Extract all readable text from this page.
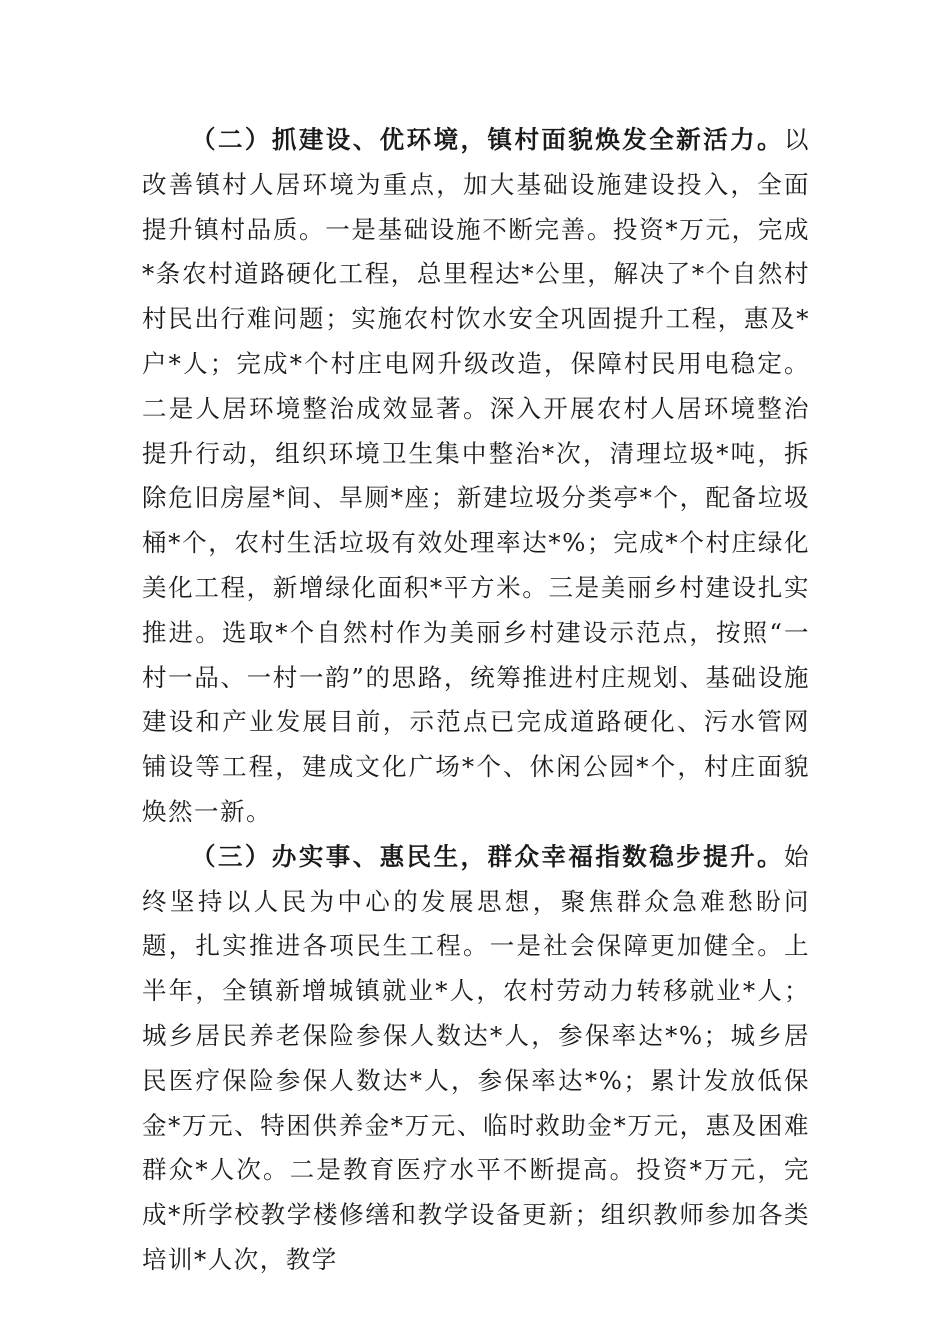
（二）抓建设、优环境，镇村面貌焕发全新活力。以改善镇村人居环境为重点，加大基础设施建设投入，全面提升镇村品质。一是基础设施不断完善。投资*万元，完成*条农村道路硬化工程，总里程达*公里，解决了*个自然村村民出行难问题；实施农村饮水安全巩固提升工程，惠及*户*人；完成*个村庄电网升级改造，保障村民用电稳定。二是人居环境整治成效显著。深入开展农村人居环境整治提升行动，组织环境卫生集中整治*次，清理垃圾*吨，拆除危旧房屋*间、旱厕*座；新建垃圾分类亭*个，配备垃圾桶*个，农村生活垃圾有效处理率达*%；完成*个村庄绿化美化工程，新增绿化面积*平方米。三是美丽乡村建设扎实推进。选取*个自然村作为美丽乡村建设示范点，按照“一村一品、一村一韵”的思路，统筹推进村庄规划、基础设施建设和产业发展目前，示范点已完成道路硬化、污水管网铺设等工程，建成文化广场*个、休闲公园*个，村庄面貌焕然一新。

（三）办实事、惠民生，群众幸福指数稳步提升。始终坚持以人民为中心的发展思想，聚焦群众急难愁盼问题，扎实推进各项民生工程。一是社会保障更加健全。上半年，全镇新增城镇就业*人，农村劳动力转移就业*人；城乡居民养老保险参保人数达*人，参保率达*%；城乡居民医疗保险参保人数达*人，参保率达*%；累计发放低保金*万元、特困供养金*万元、临时救助金*万元，惠及困难群众*人次。二是教育医疗水平不断提高。投资*万元，完成*所学校教学楼修缮和教学设备更新；组织教师参加各类培训*人次，教学
